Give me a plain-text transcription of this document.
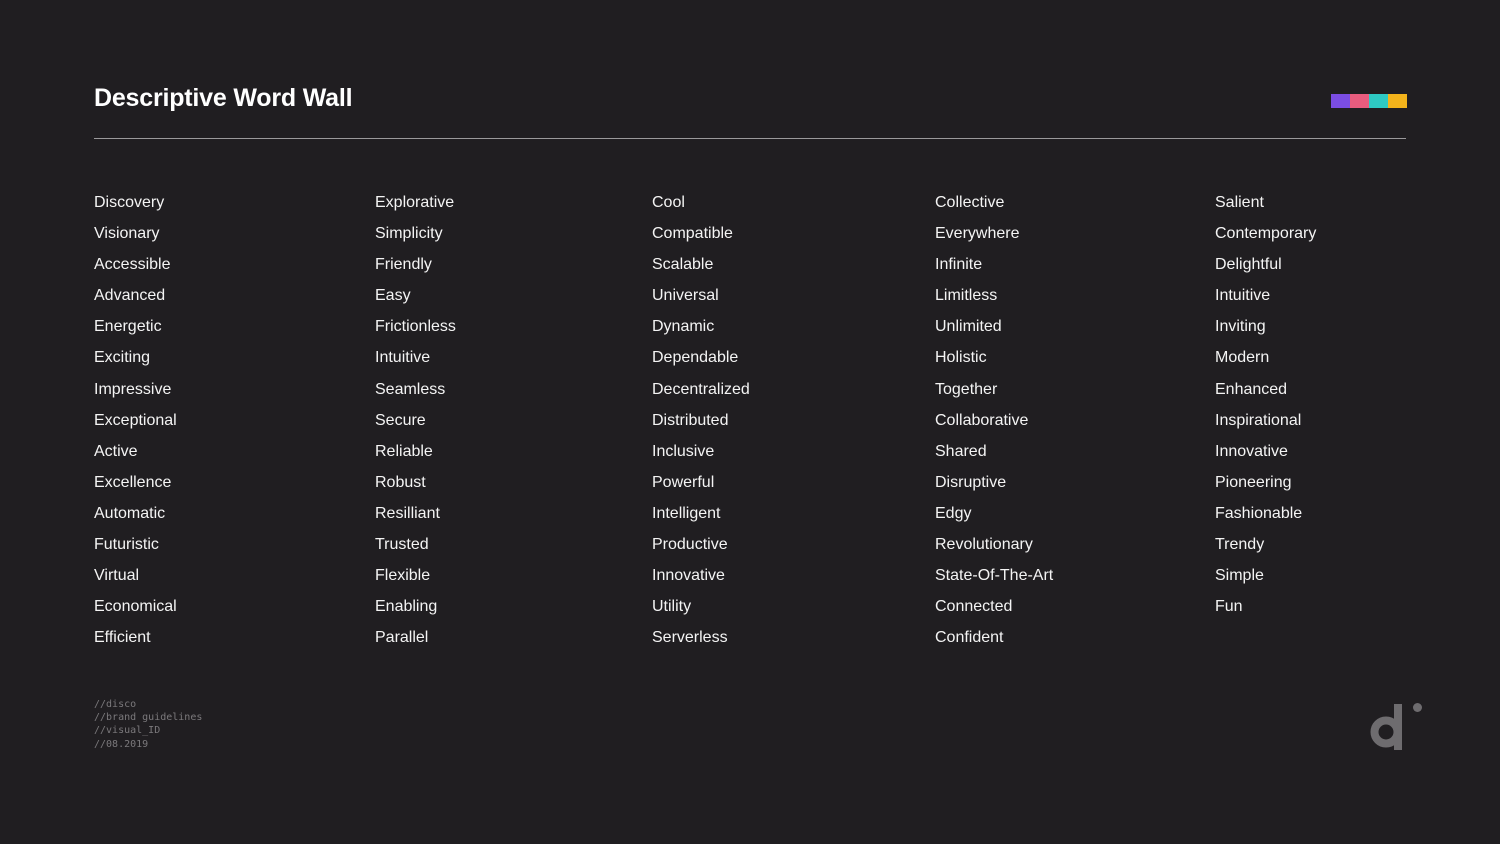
Descriptive Word Wall
Discovery
Visionary
Accessible
Advanced
Energetic
Exciting
Impressive
Exceptional
Active
Excellence
Automatic
Futuristic
Virtual
Economical
Efficient
Explorative
Simplicity
Friendly
Easy
Frictionless
Intuitive
Seamless
Secure
Reliable
Robust
Resilliant
Trusted
Flexible
Enabling
Parallel
Cool
Compatible
Scalable
Universal
Dynamic
Dependable
Decentralized
Distributed
Inclusive
Powerful
Intelligent
Productive
Innovative
Utility
Serverless
Collective
Everywhere
Infinite
Limitless
Unlimited
Holistic
Together
Collaborative
Shared
Disruptive
Edgy
Revolutionary
State-Of-The-Art
Connected
Confident
Salient
Contemporary
Delightful
Intuitive
Inviting
Modern
Enhanced
Inspirational
Innovative
Pioneering
Fashionable
Trendy
Simple
Fun
//disco
//brand guidelines
//visual_ID
//08.2019
